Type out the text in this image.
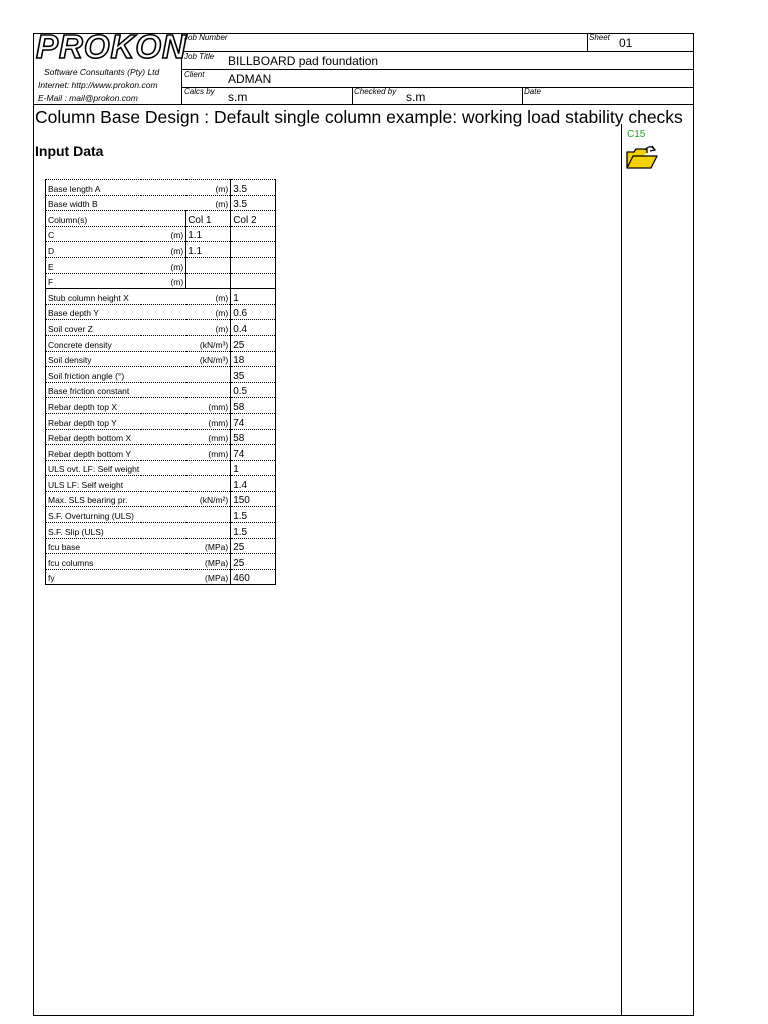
PROKON
Software Consultants (Pty) Ltd
Internet: http://www.prokon.com
E-Mail : mail@prokon.com
Job Number	Sheet 01
Job Title BILLBOARD pad foundation
Client ADMAN
Calcs by s.m	Checked by s.m	Date
Column Base Design : Default single column example: working load stability checks
Input Data
C15
Base length A	(m)		3.5
Base width B	(m)		3.5
Column(s)		Col 1	Col 2
C	(m)	1.1	
D	(m)	1.1	
E	(m)		
F	(m)		
Stub column height X	(m)		1
Base depth Y	(m)		0.6
Soil cover Z	(m)		0.4
Concrete density	(kN/m³)		25
Soil density	(kN/m³)		18
Soil friction angle (°)			35
Base friction constant			0.5
Rebar depth top X	(mm)		58
Rebar depth top Y	(mm)		74
Rebar depth bottom X	(mm)		58
Rebar depth bottom Y	(mm)		74
ULS ovt. LF: Self weight			1
ULS LF: Self weight			1.4
Max. SLS bearing pr.	(kN/m²)		150
S.F. Overturning (ULS)			1.5
S.F. Slip (ULS)			1.5
fcu base	(MPa)		25
fcu columns	(MPa)		25
fy	(MPa)		460
